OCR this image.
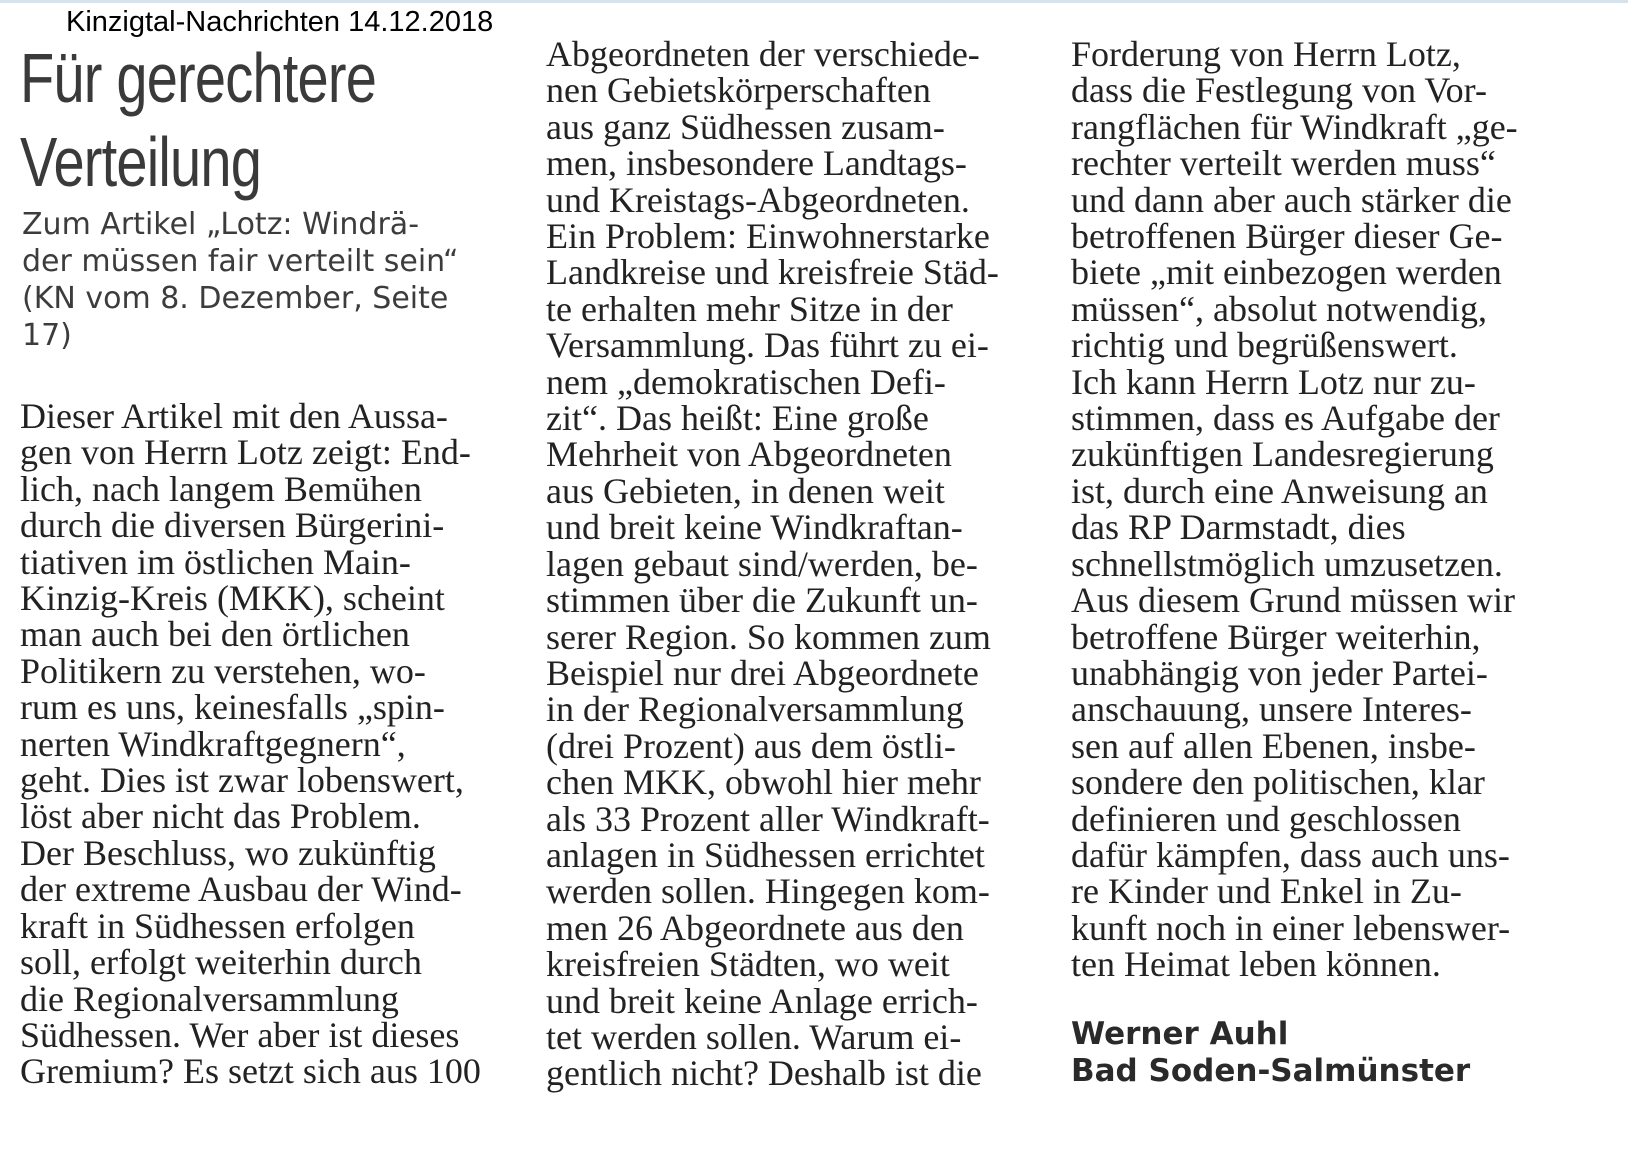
Kinzigtal-Nachrichten 14.12.2018
Für gerechtere
Verteilung
Zum Artikel „Lotz: Windrä-
der müssen fair verteilt sein“
(KN vom 8. Dezember, Seite
17)
Dieser Artikel mit den Aussa-
gen von Herrn Lotz zeigt: End-
lich, nach langem Bemühen
durch die diversen Bürgerini-
tiativen im östlichen Main-
Kinzig-Kreis (MKK), scheint
man auch bei den örtlichen
Politikern zu verstehen, wo-
rum es uns, keinesfalls „spin-
nerten Windkraftgegnern“,
geht. Dies ist zwar lobenswert,
löst aber nicht das Problem.
Der Beschluss, wo zukünftig
der extreme Ausbau der Wind-
kraft in Südhessen erfolgen
soll, erfolgt weiterhin durch
die Regionalversammlung
Südhessen. Wer aber ist dieses
Gremium? Es setzt sich aus 100
Abgeordneten der verschiede-
nen Gebietskörperschaften
aus ganz Südhessen zusam-
men, insbesondere Landtags-
und Kreistags-Abgeordneten.
Ein Problem: Einwohnerstarke
Landkreise und kreisfreie Städ-
te erhalten mehr Sitze in der
Versammlung. Das führt zu ei-
nem „demokratischen Defi-
zit“. Das heißt: Eine große
Mehrheit von Abgeordneten
aus Gebieten, in denen weit
und breit keine Windkraftan-
lagen gebaut sind/werden, be-
stimmen über die Zukunft un-
serer Region. So kommen zum
Beispiel nur drei Abgeordnete
in der Regionalversammlung
(drei Prozent) aus dem östli-
chen MKK, obwohl hier mehr
als 33 Prozent aller Windkraft-
anlagen in Südhessen errichtet
werden sollen. Hingegen kom-
men 26 Abgeordnete aus den
kreisfreien Städten, wo weit
und breit keine Anlage errich-
tet werden sollen. Warum ei-
gentlich nicht? Deshalb ist die
Forderung von Herrn Lotz,
dass die Festlegung von Vor-
rangflächen für Windkraft „ge-
rechter verteilt werden muss“
und dann aber auch stärker die
betroffenen Bürger dieser Ge-
biete „mit einbezogen werden
müssen“, absolut notwendig,
richtig und begrüßenswert.
Ich kann Herrn Lotz nur zu-
stimmen, dass es Aufgabe der
zukünftigen Landesregierung
ist, durch eine Anweisung an
das RP Darmstadt, dies
schnellstmöglich umzusetzen.
Aus diesem Grund müssen wir
betroffene Bürger weiterhin,
unabhängig von jeder Partei-
anschauung, unsere Interes-
sen auf allen Ebenen, insbe-
sondere den politischen, klar
definieren und geschlossen
dafür kämpfen, dass auch uns-
re Kinder und Enkel in Zu-
kunft noch in einer lebenswer-
ten Heimat leben können.
Werner Auhl
Bad Soden-Salmünster
